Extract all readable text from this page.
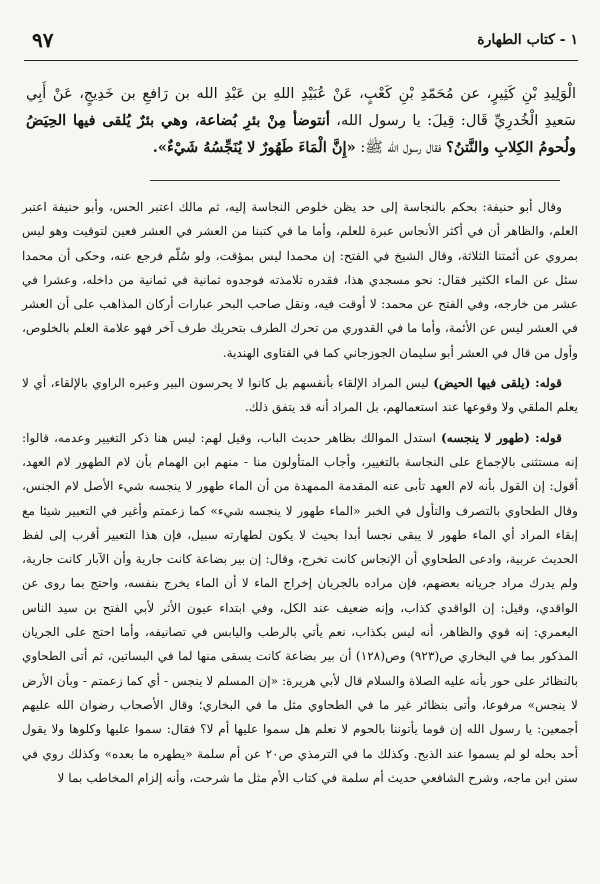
١ - كتاب الطهارة
٩٧
الْوَلِيدِ بْنِ كَثِيرٍ، عن مُحَمّدِ بْنِ كَعْبٍ، عَنْ عُبَيْدِ اللهِ بن عَبْدِ الله بن رَافعِ بن خَدِيجٍ، عَنْ أَبِي سَعيدِ الْخُدرِيِّ قَال: قِيلَ: يا رسول الله، أنتوضأ مِنْ بئرِ بُضاعة، وهي بئرٌ يُلقى فيها الحِيَضُ ولُحومُ الكِلابِ والنَّتنُ؟ فقال رسول الله ﷺ: «إِنَّ الْمَاءَ طَهُورٌ لا يُنَجِّسُهُ شَيْءٌ».

وقال أبو حنيفة: بحكم بالنجاسة إلى حد يظن خلوص النجاسة إليه، ثم مالك اعتبر الحس، وأبو حنيفة اعتبر العلم، والظاهر أن في أكثر الأنجاس عبرة للعلم، وأما ما في كتبنا من العشر في العشر فعين لتوقيت وهو ليس بمروي عن أئمتنا الثلاثة، وقال الشيخ في الفتح: إن محمدا ليس بمؤقت، ولو سُلّم فرجع عنه، وحكى أن محمدا سئل عن الماء الكثير فقال: نحو مسجدي هذا، فقدره تلامذته فوجدوه ثمانية في ثمانية من داخله، وعشرا في عشر من خارجه، وفي الفتح عن محمد: لا أوقت فيه، ونقل صاحب البحر عبارات أركان المذاهب على أن العشر في العشر ليس عن الأئمة، وأما ما في القدوري من تحرك الطرف بتحريك طرف آخر فهو علامة العلم بالخلوص، وأول من قال في العشر أبو سليمان الجوزجاني كما في الفتاوى الهندية.

قوله: (يلقى فيها الحيض) ليس المراد الإلقاء بأنفسهم بل كانوا لا يحرسون البير وعبره الراوي بالإلقاء، أي لا يعلم الملقي ولا وقوعها عند استعمالهم، بل المراد أنه قد يتفق ذلك.

قوله: (طهور لا ينجسه) استدل الموالك بظاهر حديث الباب، وقيل لهم: ليس هنا ذكر التغيير وعدمه، قالوا: إنه مستثنى بالإجماع على النجاسة بالتغيير، وأجاب المتأولون منا - منهم ابن الهمام بأن لام الطهور لام العهد، أقول: إن القول بأنه لام العهد تأبى عنه المقدمة الممهدة من أن الماء طهور لا ينجسه شيء الأصل لام الجنس، وقال الطحاوي بالتصرف والتأول في الخبر «الماء طهور لا ينجسه شيء» كما زعمتم وأغير في التعبير شيئا مع إبقاء المراد أي الماء طهور لا يبقى نجسا أبدا بحيث لا يكون لطهارته سبيل، فإن هذا التعبير أقرب إلى لفظ الحديث عربية، وادعى الطحاوي أن الإنجاس كانت تخرج، وقال: إن بير بضاعة كانت جارية وأن الآبار كانت جارية، ولم يدرك مراد جريانه بعضهم، فإن مراده بالجريان إخراج الماء لا أن الماء يخرج بنفسه، واحتج بما روى عن الواقدي، وقيل: إن الواقدي كذاب، وإنه ضعيف عند الكل، وفي ابتداء عيون الأثر لأبي الفتح بن سيد الناس اليعمري: إنه قوي والظاهر، أنه ليس بكذاب، نعم يأتي بالرطب واليابس في تصانيفه، وأما احتج على الجريان المذكور بما في البخاري ص(٩٢٣) وص(١٢٨) أن بير بضاعة كانت يسقى منها لما في البساتين، ثم أتى الطحاوي بالنظائر على حور بأنه عليه الصلاة والسلام قال لأبي هريرة: «إن المسلم لا ينجس - أي كما زعمتم - وبأن الأرض لا ينجس» مرفوعا، وأتى بنظائر غير ما في الطحاوي مثل ما في البخاري؛ وقال الأصحاب رضوان الله عليهم أجمعين: يا رسول الله إن قوما يأتوننا بالحوم لا نعلم هل سموا عليها أم لا؟ فقال: سموا عليها وكلوها ولا يقول أحد بحله لو لم يسموا عند الذبح. وكذلك ما في الترمذي ص٢٠ عن أم سلمة «يطهره ما بعده» وكذلك روي في سنن ابن ماجه، وشرح الشافعي حديث أم سلمة في كتاب الأم مثل ما شرحت، وأنه إلزام المخاطب بما لا
